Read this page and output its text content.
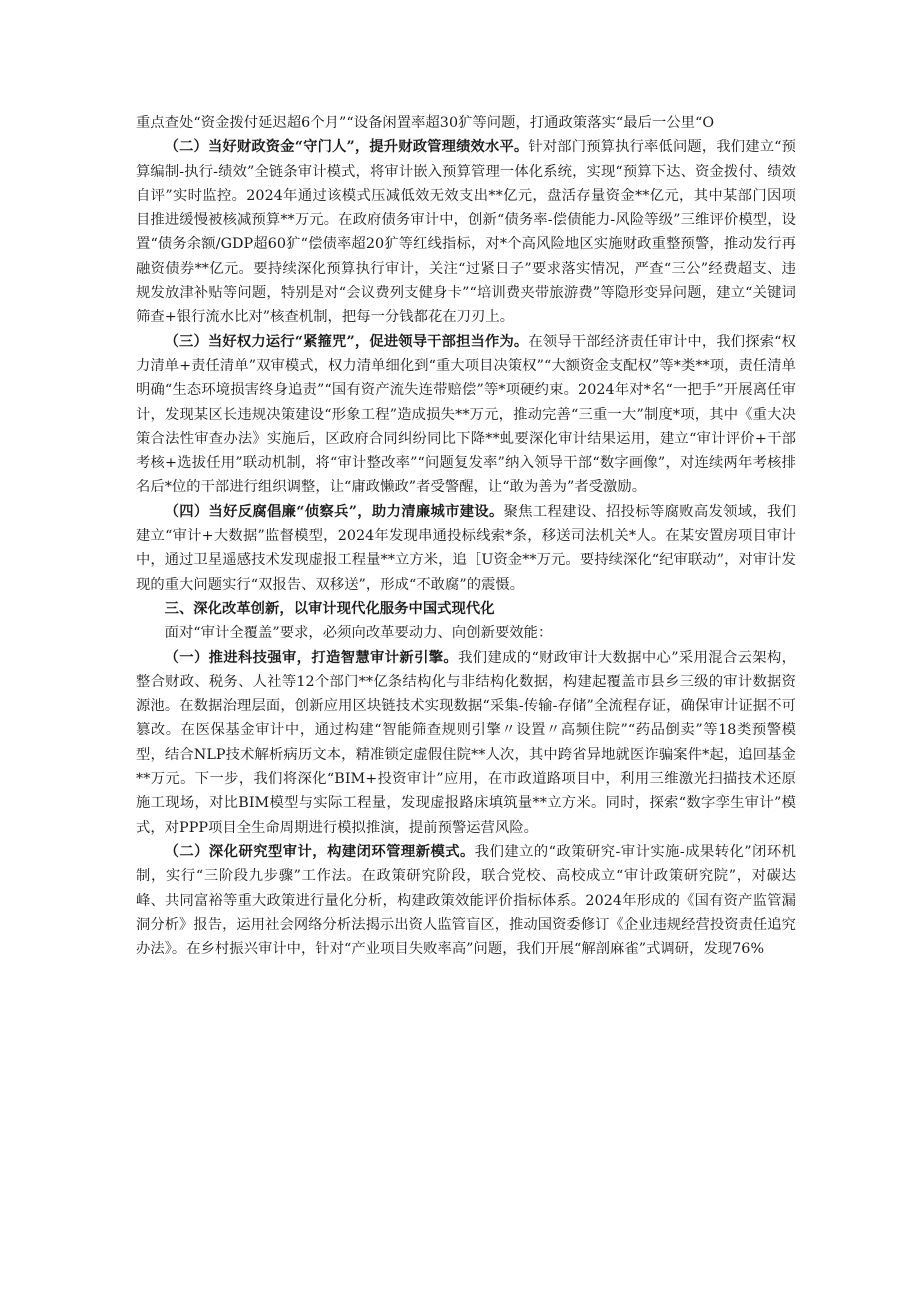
重点查处“资金拨付延迟超6个月”“设备闲置率超30犷等问题，打通政策落实“最后一公里“O

（二）当好财政资金“守门人”，提升财政管理绩效水平。针对部门预算执行率低问题，我们建立“预算编制-执行-绩效”全链条审计模式，将审计嵌入预算管理一体化系统，实现“预算下达、资金拨付、绩效自评”实时监控。2024年通过该模式压减低效无效支出**亿元，盘活存量资金**亿元，其中某部门因项目推进缓慢被核减预算**万元。在政府债务审计中，创新“债务率-偿债能力-风险等级”三维评价模型，设置“债务余额/GDP超60犷“偿债率超20犷等红线指标，对*个高风险地区实施财政重整预警，推动发行再融资债券**亿元。要持续深化预算执行审计，关注“过紧日子”要求落实情况，严查“三公”经费超支、违规发放津补贴等问题，特别是对“会议费列支健身卡”“培训费夹带旅游费”等隐形变异问题，建立“关键词筛查+银行流水比对”核查机制，把每一分钱都花在刀刃上。

（三）当好权力运行“紧箍咒”，促进领导干部担当作为。在领导干部经济责任审计中，我们探索“权力清单+责任清单”双审模式，权力清单细化到“重大项目决策权”“大额资金支配权”等*类**项，责任清单明确“生态环境损害终身追责”“国有资产流失连带赔偿”等*项硬约束。2024年对*名“一把手”开展离任审计，发现某区长违规决策建设“形象工程”造成损失**万元，推动完善“三重一大”制度*项，其中《重大决策合法性审查办法》实施后，区政府合同纠纷同比下降**虬要深化审计结果运用，建立“审计评价+干部考核+选拔任用”联动机制，将“审计整改率”“问题复发率”纳入领导干部“数字画像”，对连续两年考核排名后*位的干部进行组织调整，让“庸政懒政”者受警醒，让“敢为善为”者受激励。

（四）当好反腐倡廉“侦察兵”，助力清廉城市建设。聚焦工程建设、招投标等腐败高发领域，我们建立“审计+大数据”监督模型，2024年发现串通投标线索*条，移送司法机关*人。在某安置房项目审计中，通过卫星遥感技术发现虚报工程量**立方米，追［U资金**万元。要持续深化“纪审联动”，对审计发现的重大问题实行“双报告、双移送”，形成“不敢腐”的震慑。

三、深化改革创新，以审计现代化服务中国式现代化

面对“审计全覆盖”要求，必须向改革要动力、向创新要效能：

（一）推进科技强审，打造智慧审计新引擎。我们建成的“财政审计大数据中心”采用混合云架构，整合财政、税务、人社等12个部门**亿条结构化与非结构化数据，构建起覆盖市县乡三级的审计数据资源池。在数据治理层面，创新应用区块链技术实现数据“采集-传输-存储”全流程存证，确保审计证据不可篡改。在医保基金审计中，通过构建“智能筛查规则引擎〃设置〃高频住院”“药品倒卖”等18类预警模型，结合NLP技术解析病历文本，精准锁定虚假住院**人次，其中跨省异地就医诈骗案件*起，追回基金**万元。下一步，我们将深化“BIM+投资审计”应用，在市政道路项目中，利用三维激光扫描技术还原施工现场，对比BIM模型与实际工程量，发现虚报路床填筑量**立方米。同时，探索“数字孪生审计”模式，对PPP项目全生命周期进行模拟推演，提前预警运营风险。

（二）深化研究型审计，构建闭环管理新模式。我们建立的“政策研究-审计实施-成果转化”闭环机制，实行“三阶段九步骤”工作法。在政策研究阶段，联合党校、高校成立“审计政策研究院”，对碳达峰、共同富裕等重大政策进行量化分析，构建政策效能评价指标体系。2024年形成的《国有资产监管漏洞分析》报告，运用社会网络分析法揭示出资人监管盲区，推动国资委修订《企业违规经营投资责任追究办法》。在乡村振兴审计中，针对“产业项目失败率高”问题，我们开展“解剖麻雀”式调研，发现76%
